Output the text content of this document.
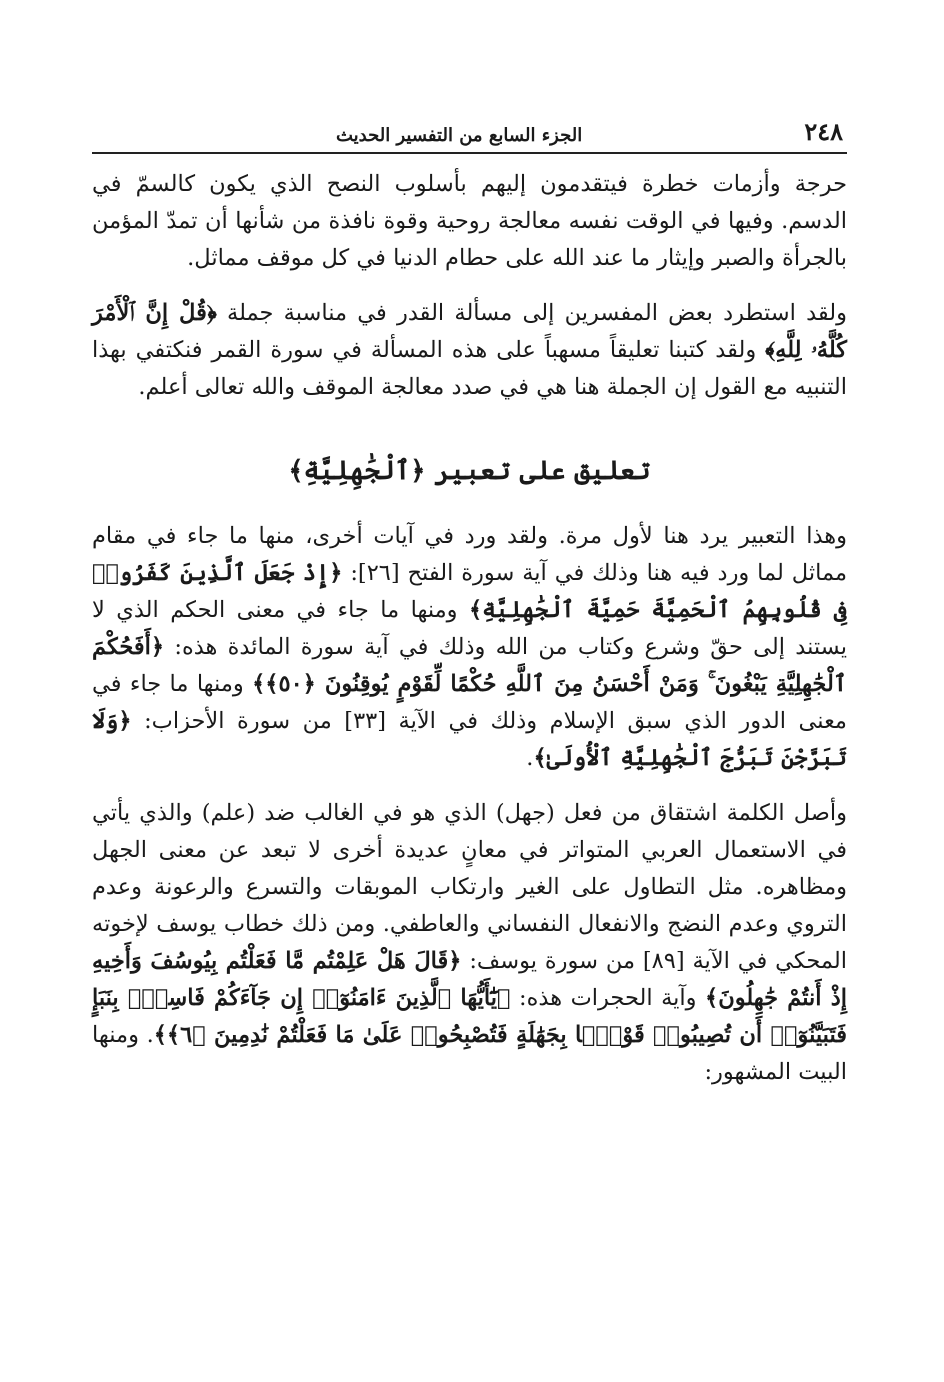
٢٤٨
الجزء السابع من التفسير الحديث

حرجة وأزمات خطرة فيتقدمون إليهم بأسلوب النصح الذي يكون كالسمّ في الدسم. وفيها في الوقت نفسه معالجة روحية وقوة نافذة من شأنها أن تمدّ المؤمن بالجرأة والصبر وإيثار ما عند الله على حطام الدنيا في كل موقف مماثل.

ولقد استطرد بعض المفسرين إلى مسألة القدر في مناسبة جملة ﴿قُلْ إِنَّ ٱلْأَمْرَ كُلَّهُۥ لِلَّهِ﴾ ولقد كتبنا تعليقاً مسهباً على هذه المسألة في سورة القمر فنكتفي بهذا التنبيه مع القول إن الجملة هنا هي في صدد معالجة الموقف والله تعالى أعلم.

تعليق على تعبير ﴿ٱلْجَٰهِلِيَّةِ﴾

وهذا التعبير يرد هنا لأول مرة. ولقد ورد في آيات أخرى، منها ما جاء في مقام مماثل لما ورد فيه هنا وذلك في آية سورة الفتح [٢٦]: ﴿إِذْ جَعَلَ ٱلَّذِينَ كَفَرُوا۟ فِى قُلُوبِهِمُ ٱلْحَمِيَّةَ حَمِيَّةَ ٱلْجَٰهِلِيَّةِ﴾ ومنها ما جاء في معنى الحكم الذي لا يستند إلى حقّ وشرع وكتاب من الله وذلك في آية سورة المائدة هذه: ﴿أَفَحُكْمَ ٱلْجَٰهِلِيَّةِ يَبْغُونَ ۚ وَمَنْ أَحْسَنُ مِنَ ٱللَّهِ حُكْمًا لِّقَوْمٍ يُوقِنُونَ ﴿٥٠﴾﴾ ومنها ما جاء في معنى الدور الذي سبق الإسلام وذلك في الآية [٣٣] من سورة الأحزاب: ﴿وَلَا تَبَرَّجْنَ تَبَرُّجَ ٱلْجَٰهِلِيَّةِ ٱلْأُولَىٰ﴾.

وأصل الكلمة اشتقاق من فعل (جهل) الذي هو في الغالب ضد (علم) والذي يأتي في الاستعمال العربي المتواتر في معانٍ عديدة أخرى لا تبعد عن معنى الجهل ومظاهره. مثل التطاول على الغير وارتكاب الموبقات والتسرع والرعونة وعدم التروي وعدم النضج والانفعال النفساني والعاطفي. ومن ذلك خطاب يوسف لإخوته المحكي في الآية [٨٩] من سورة يوسف: ﴿قَالَ هَلْ عَلِمْتُم مَّا فَعَلْتُم بِيُوسُفَ وَأَخِيهِ إِذْ أَنتُمْ جَٰهِلُونَ﴾ وآية الحجرات هذه: ﴿يَٰٓأَيُّهَا ٱلَّذِينَ ءَامَنُوٓا۟ إِن جَآءَكُمْ فَاسِقٌۢ بِنَبَإٍ فَتَبَيَّنُوٓا۟ أَن تُصِيبُوا۟ قَوْمًۢا بِجَهَٰلَةٍ فَتُصْبِحُوا۟ عَلَىٰ مَا فَعَلْتُمْ نَٰدِمِينَ ﴿٦﴾﴾. ومنها البيت المشهور:
